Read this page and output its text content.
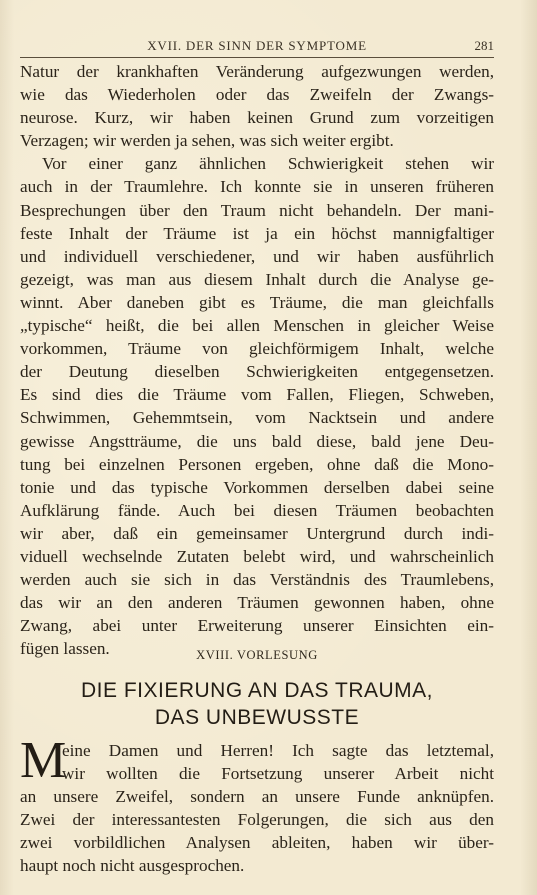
XVII. DER SINN DER SYMPTOME	281
Natur der krankhaften Veränderung aufgezwungen werden,
wie das Wiederholen oder das Zweifeln der Zwangs-
neurose. Kurz, wir haben keinen Grund zum vorzeitigen
Verzagen; wir werden ja sehen, was sich weiter ergibt.
Vor einer ganz ähnlichen Schwierigkeit stehen wir
auch in der Traumlehre. Ich konnte sie in unseren früheren
Besprechungen über den Traum nicht behandeln. Der mani-
feste Inhalt der Träume ist ja ein höchst mannigfaltiger
und individuell verschiedener, und wir haben ausführlich
gezeigt, was man aus diesem Inhalt durch die Analyse ge-
winnt. Aber daneben gibt es Träume, die man gleichfalls
„typische“ heißt, die bei allen Menschen in gleicher Weise
vorkommen, Träume von gleichförmigem Inhalt, welche
der Deutung dieselben Schwierigkeiten entgegensetzen.
Es sind dies die Träume vom Fallen, Fliegen, Schweben,
Schwimmen, Gehemmtsein, vom Nacktsein und andere
gewisse Angstträume, die uns bald diese, bald jene Deu-
tung bei einzelnen Personen ergeben, ohne daß die Mono-
tonie und das typische Vorkommen derselben dabei seine
Aufklärung fände. Auch bei diesen Träumen beobachten
wir aber, daß ein gemeinsamer Untergrund durch indi-
viduell wechselnde Zutaten belebt wird, und wahrscheinlich
werden auch sie sich in das Verständnis des Traumlebens,
das wir an den anderen Träumen gewonnen haben, ohne
Zwang, abei unter Erweiterung unserer Einsichten ein-
fügen lassen.	XVIII. VORLESUNG
DIE FIXIERUNG AN DAS TRAUMA,
DAS UNBEWUSSTE
M
eine Damen und Herren! Ich sagte das letztemal,
wir wollten die Fortsetzung unserer Arbeit nicht
an unsere Zweifel, sondern an unsere Funde anknüpfen.
Zwei der interessantesten Folgerungen, die sich aus den
zwei vorbildlichen Analysen ableiten, haben wir über-
haupt noch nicht ausgesprochen.
